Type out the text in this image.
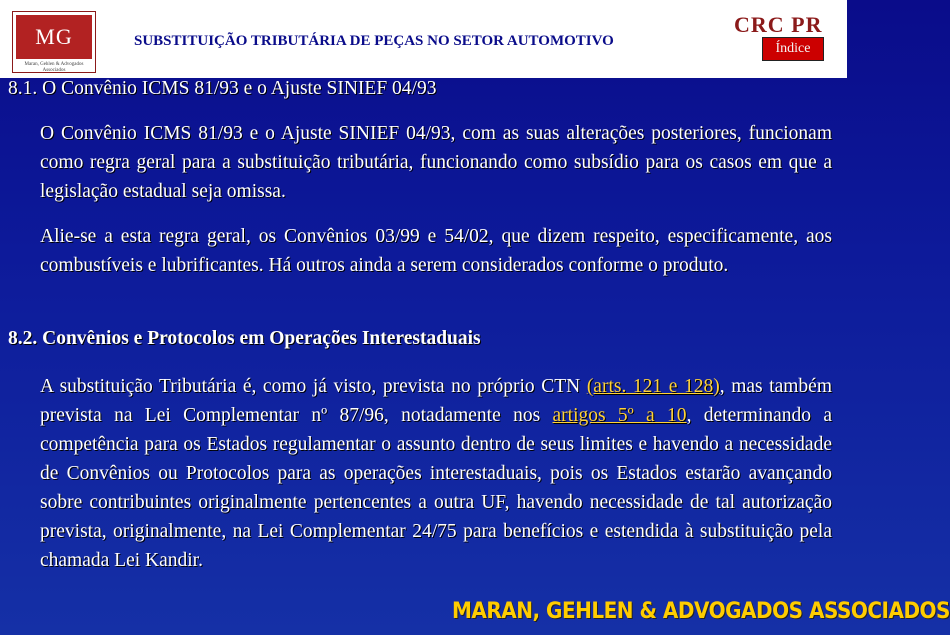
MG
Maran, Gehlen & Advogados Associados
SUBSTITUIÇÃO TRIBUTÁRIA DE PEÇAS NO SETOR AUTOMOTIVO
CRC PR
Índice
8.1. O Convênio ICMS 81/93 e o Ajuste SINIEF 04/93

O Convênio ICMS 81/93 e o Ajuste SINIEF 04/93, com as suas alterações posteriores, funcionam como regra geral para a substituição tributária, funcionando como subsídio para os casos em que a legislação estadual seja omissa.

Alie-se a esta regra geral, os Convênios 03/99 e 54/02, que dizem respeito, especificamente, aos combustíveis e lubrificantes. Há outros ainda a serem considerados conforme o produto.

8.2. Convênios e Protocolos em Operações Interestaduais

A substituição Tributária é, como já visto, prevista no próprio CTN (arts. 121 e 128), mas também prevista na Lei Complementar nº 87/96, notadamente nos artigos 5º a 10, determinando a competência para os Estados regulamentar o assunto dentro de seus limites e havendo a necessidade de Convênios ou Protocolos para as operações interestaduais, pois os Estados estarão avançando sobre contribuintes originalmente pertencentes a outra UF, havendo necessidade de tal autorização prevista, originalmente, na Lei Complementar 24/75 para benefícios e estendida à substituição pela chamada Lei Kandir.

MARAN, GEHLEN & ADVOGADOS ASSOCIADOS
